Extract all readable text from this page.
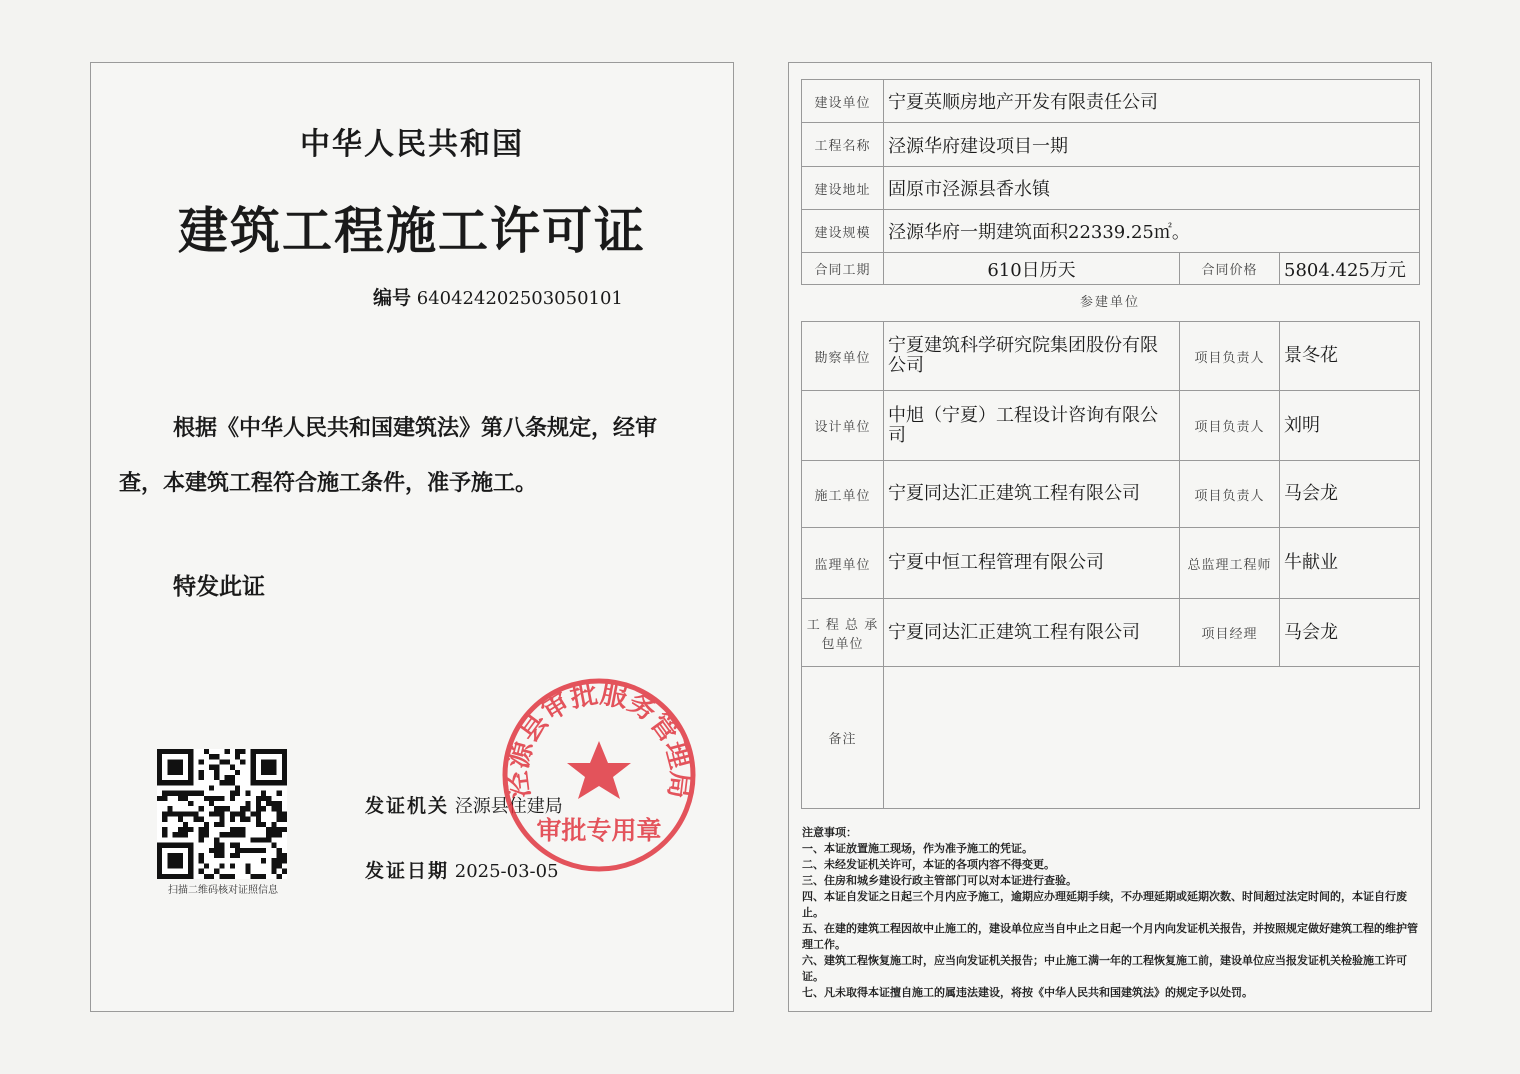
中华人民共和国
建筑工程施工许可证
编号 640424202503050101
根据《中华人民共和国建筑法》第八条规定，经审
查，本建筑工程符合施工条件，准予施工。
特发此证
扫描二维码核对证照信息
发证机关 泾源县住建局
发证日期 2025-03-05
泾源县审批服务管理局
审批专用章
建设单位	宁夏英顺房地产开发有限责任公司		
工程名称	泾源华府建设项目一期		
建设地址	固原市泾源县香水镇		
建设规模	泾源华府一期建筑面积22339.25㎡。		
合同工期	610日历天	合同价格	5804.425万元
参建单位
勘察单位	宁夏建筑科学研究院集团股份有限公司	项目负责人	景冬花
设计单位	中旭（宁夏）工程设计咨询有限公司	项目负责人	刘明
施工单位	宁夏同达汇正建筑工程有限公司	项目负责人	马会龙
监理单位	宁夏中恒工程管理有限公司	总监理工程师	牛献业
工 程 总 承包单位	宁夏同达汇正建筑工程有限公司	项目经理	马会龙
备注			
注意事项：
一、本证放置施工现场，作为准予施工的凭证。
二、未经发证机关许可，本证的各项内容不得变更。
三、住房和城乡建设行政主管部门可以对本证进行查验。
四、本证自发证之日起三个月内应予施工，逾期应办理延期手续，不办理延期或延期次数、时间超过法定时间的，本证自行废止。
五、在建的建筑工程因故中止施工的，建设单位应当自中止之日起一个月内向发证机关报告，并按照规定做好建筑工程的维护管理工作。
六、建筑工程恢复施工时，应当向发证机关报告；中止施工满一年的工程恢复施工前，建设单位应当报发证机关检验施工许可证。
七、凡未取得本证擅自施工的属违法建设，将按《中华人民共和国建筑法》的规定予以处罚。
